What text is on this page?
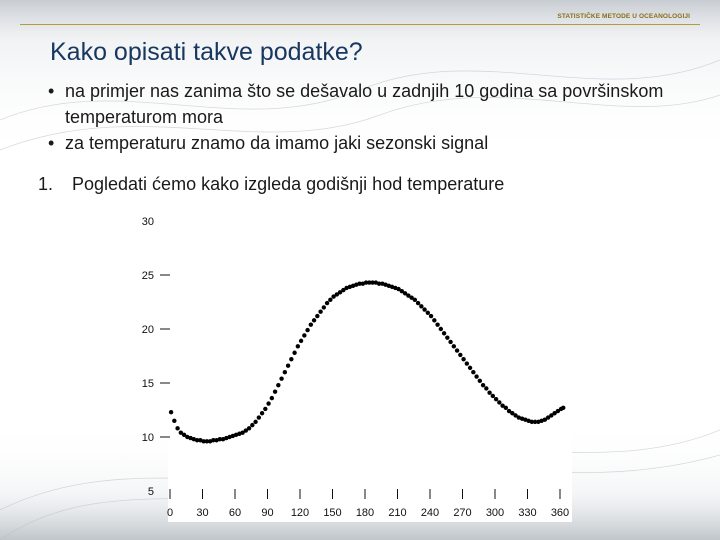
STATISTIČKE METODE U OCEANOLOGIJI
Kako opisati takve podatke?
• na primjer nas zanima što se dešavalo u zadnjih 10 godina sa površinskom temperaturom mora
• za temperaturu znamo da imamo jaki sezonski signal
1. Pogledati ćemo kako izgleda godišnji hod temperature
5
10
15
20
25
30
0 30 60 90 120 150 180 210 240 270 300 330 360
